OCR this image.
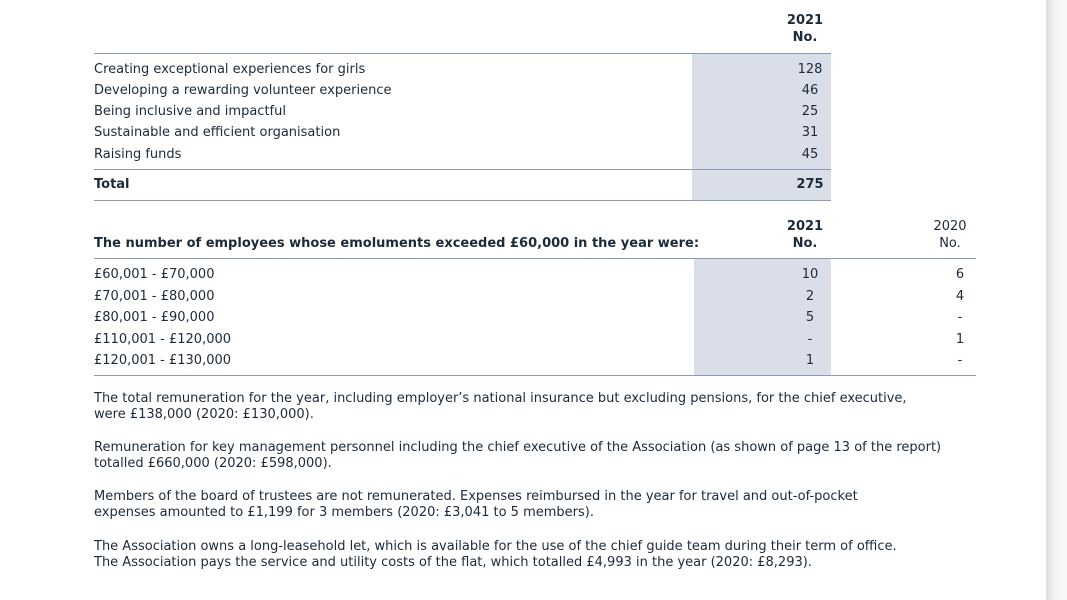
2021
No.
Creating exceptional experiences for girls	128
Developing a rewarding volunteer experience	46
Being inclusive and impactful	25
Sustainable and efficient organisation	31
Raising funds	45
Total	275
2021
No.
2020
No.
The number of employees whose emoluments exceeded £60,000 in the year were:
£60,001 - £70,000	10	6
£70,001 - £80,000	2	4
£80,001 - £90,000	5	-
£110,001 - £120,000	-	1
£120,001 - £130,000	1	-
The total remuneration for the year, including employer’s national insurance but excluding pensions, for the chief executive,
were £138,000 (2020: £130,000).
Remuneration for key management personnel including the chief executive of the Association (as shown of page 13 of the report)
totalled £660,000 (2020: £598,000).
Members of the board of trustees are not remunerated. Expenses reimbursed in the year for travel and out-of-pocket
expenses amounted to £1,199 for 3 members (2020: £3,041 to 5 members).
The Association owns a long-leasehold let, which is available for the use of the chief guide team during their term of office.
The Association pays the service and utility costs of the flat, which totalled £4,993 in the year (2020: £8,293).
